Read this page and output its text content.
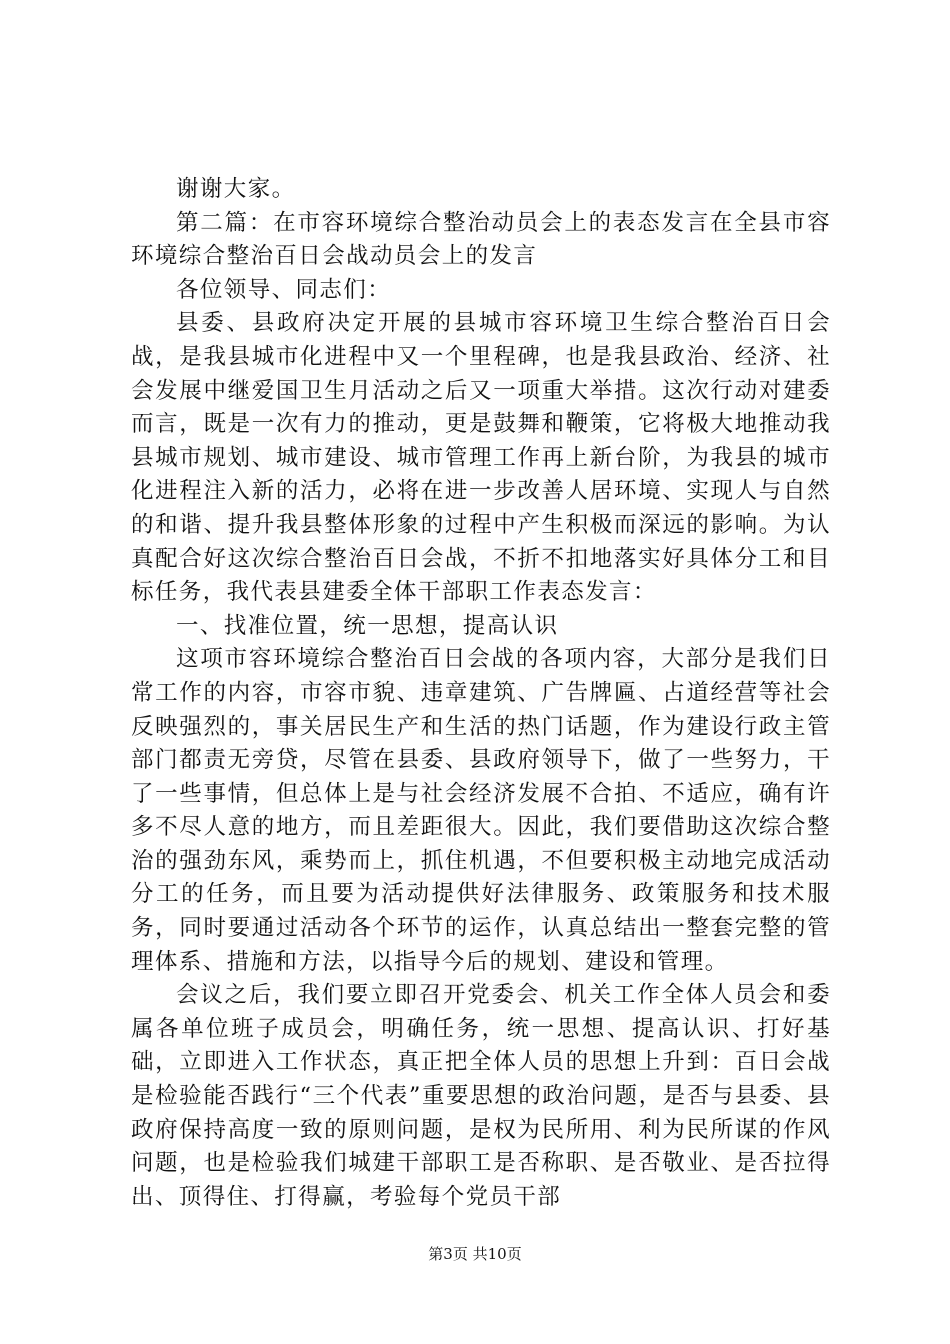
谢谢大家。

第二篇：在市容环境综合整治动员会上的表态发言在全县市容环境综合整治百日会战动员会上的发言

各位领导、同志们：

县委、县政府决定开展的县城市容环境卫生综合整治百日会战，是我县城市化进程中又一个里程碑，也是我县政治、经济、社会发展中继爱国卫生月活动之后又一项重大举措。这次行动对建委而言，既是一次有力的推动，更是鼓舞和鞭策，它将极大地推动我县城市规划、城市建设、城市管理工作再上新台阶，为我县的城市化进程注入新的活力，必将在进一步改善人居环境、实现人与自然的和谐、提升我县整体形象的过程中产生积极而深远的影响。为认真配合好这次综合整治百日会战，不折不扣地落实好具体分工和目标任务，我代表县建委全体干部职工作表态发言：

一、找准位置，统一思想，提高认识

这项市容环境综合整治百日会战的各项内容，大部分是我们日常工作的内容，市容市貌、违章建筑、广告牌匾、占道经营等社会反映强烈的，事关居民生产和生活的热门话题，作为建设行政主管部门都责无旁贷，尽管在县委、县政府领导下，做了一些努力，干了一些事情，但总体上是与社会经济发展不合拍、不适应，确有许多不尽人意的地方，而且差距很大。因此，我们要借助这次综合整治的强劲东风，乘势而上，抓住机遇，不但要积极主动地完成活动分工的任务，而且要为活动提供好法律服务、政策服务和技术服务，同时要通过活动各个环节的运作，认真总结出一整套完整的管理体系、措施和方法，以指导今后的规划、建设和管理。

会议之后，我们要立即召开党委会、机关工作全体人员会和委属各单位班子成员会，明确任务，统一思想、提高认识、打好基础，立即进入工作状态，真正把全体人员的思想上升到：百日会战是检验能否践行“三个代表”重要思想的政治问题，是否与县委、县政府保持高度一致的原则问题，是权为民所用、利为民所谋的作风问题，也是检验我们城建干部职工是否称职、是否敬业、是否拉得出、顶得住、打得赢，考验每个党员干部

第3页 共10页
